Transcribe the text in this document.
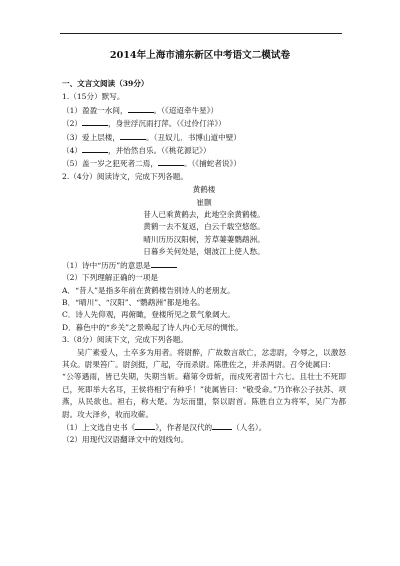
2014年上海市浦东新区中考语文二模试卷
一、文言文阅读（39分）
1.（15分）默写。
（1）盈盈一水间，	。（《迢迢牵牛星》）
（2）	，身世浮沉雨打萍。（《过伶仃洋》）
（3）爱上层楼，	。（丑奴儿．书博山道中壁）
（4）	，并怡然自乐。（《桃花源记》）
（5）盖一岁之犯死者二焉，	。（《捕蛇者说》）
2.（4分）阅读诗文，完成下列各题。
黄鹤楼
崔颢
昔人已乘黄鹤去，此地空余黄鹤楼。
黄鹤一去不复返，白云千载空悠悠。
晴川历历汉阳树，芳草萋萋鹦鹉洲。
日暮乡关何处是，烟波江上使人愁。
（1）诗中“历历”的意思是
（2）下列理解正确的一项是
A．“昔人”是指多年前在黄鹤楼告别诗人的老朋友。
B．“晴川”、“汉阳”、“鹦鹉洲”都是地名。
C．诗人先仰观，再俯瞰，登楼所见之景气象阔大。
D．暮色中的“乡关”之景唤起了诗人内心无尽的惆怅。
3.（8分）阅读下文，完成下列各题。
吴广素爱人，士卒多为用者。将尉醉，广故数言欲亡，忿恚尉，令辱之，以激怒其众。尉果笞广。尉剑挺，广起，夺而杀尉。陈胜佐之，并杀两尉。召令徒属曰：
“公等遇雨，皆已失期，失期当斩。藉第令毋斩，而戍死者固十六七。且壮士不死即已，死即举大名耳，王侯将相宁有种乎！”徒属皆曰：“敬受命。”乃诈称公子扶苏、项燕，从民欲也。袒右，称大楚。为坛而盟，祭以尉首。陈胜自立为将军，吴广为都尉。攻大泽乡，收而攻蕲。
（1）上文选自史书《	》，作者是汉代的	（人名）。
（2）用现代汉语翻译文中的划线句。
